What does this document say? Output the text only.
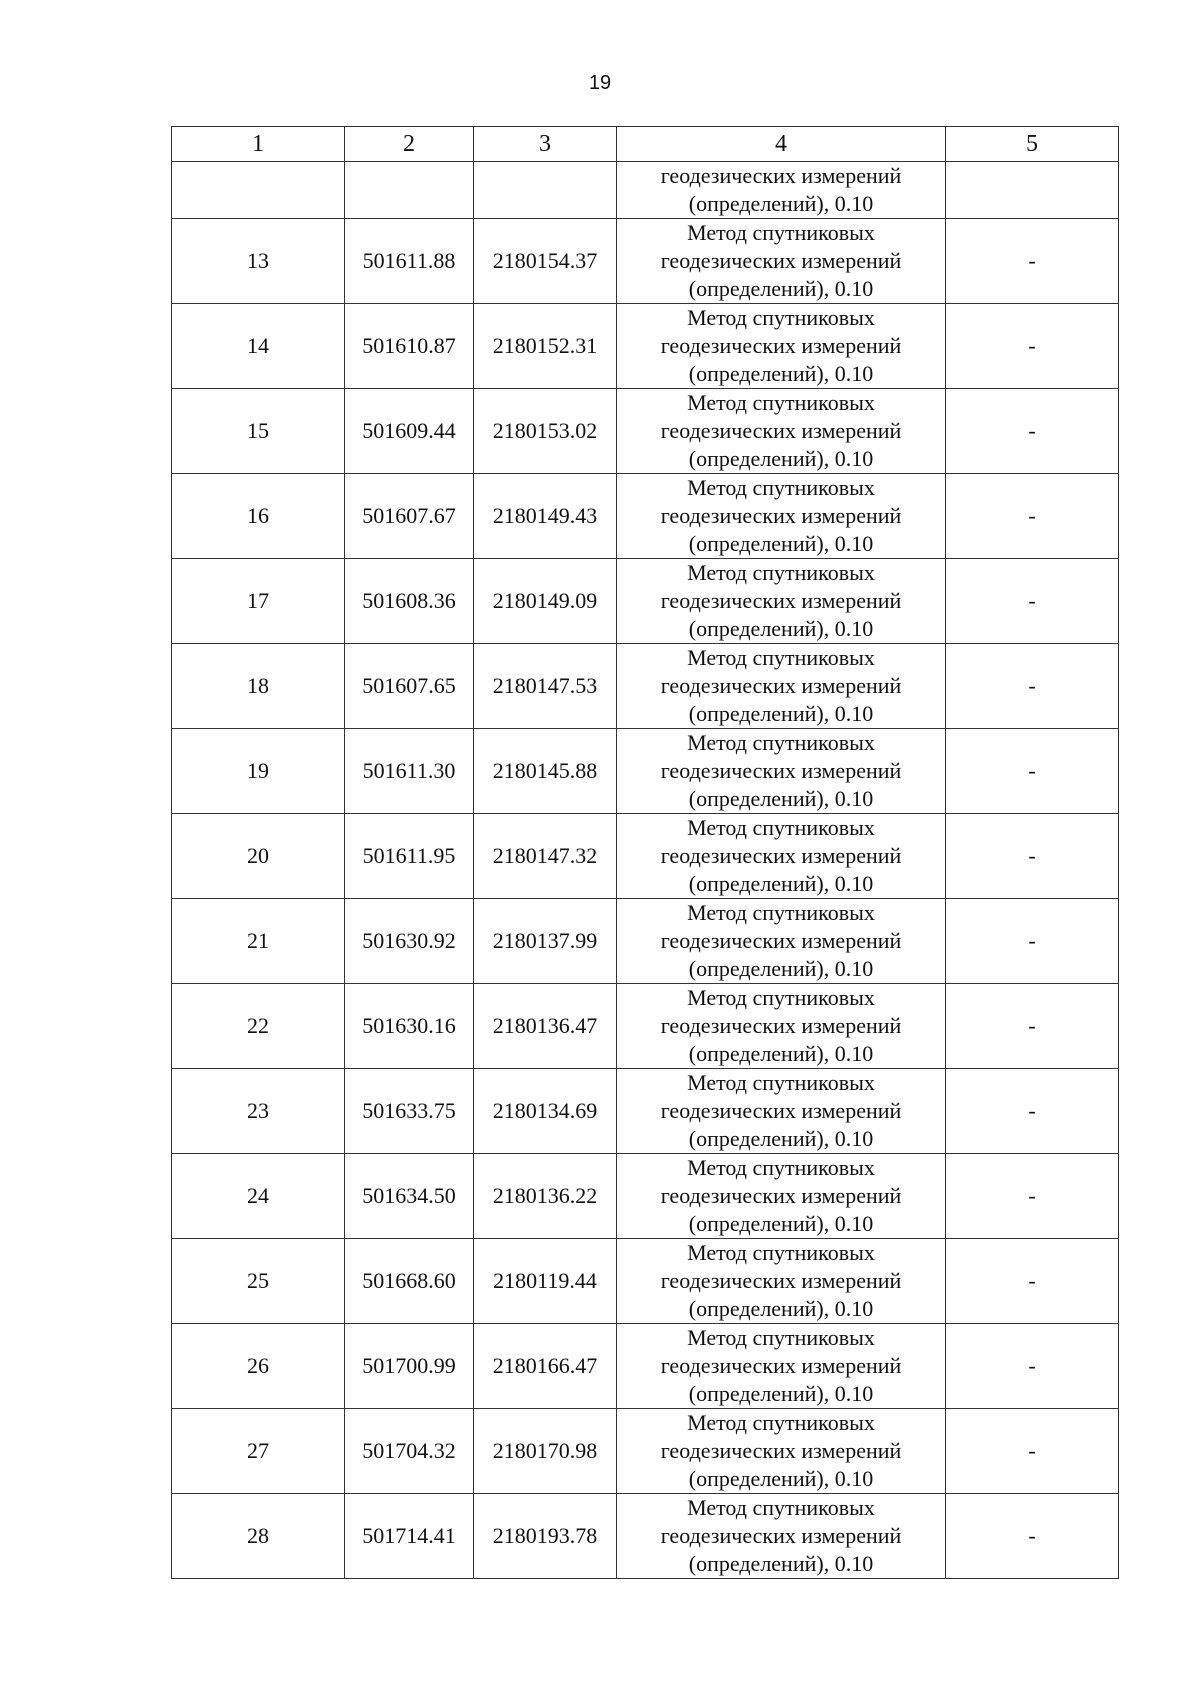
19
1	2	3	4	5

			геодезических измерений
(определений), 0.10	

13	501611.88	2180154.37	Метод спутниковых
геодезических измерений
(определений), 0.10	-
14	501610.87	2180152.31	Метод спутниковых
геодезических измерений
(определений), 0.10	-
15	501609.44	2180153.02	Метод спутниковых
геодезических измерений
(определений), 0.10	-
16	501607.67	2180149.43	Метод спутниковых
геодезических измерений
(определений), 0.10	-
17	501608.36	2180149.09	Метод спутниковых
геодезических измерений
(определений), 0.10	-
18	501607.65	2180147.53	Метод спутниковых
геодезических измерений
(определений), 0.10	-
19	501611.30	2180145.88	Метод спутниковых
геодезических измерений
(определений), 0.10	-
20	501611.95	2180147.32	Метод спутниковых
геодезических измерений
(определений), 0.10	-
21	501630.92	2180137.99	Метод спутниковых
геодезических измерений
(определений), 0.10	-
22	501630.16	2180136.47	Метод спутниковых
геодезических измерений
(определений), 0.10	-
23	501633.75	2180134.69	Метод спутниковых
геодезических измерений
(определений), 0.10	-
24	501634.50	2180136.22	Метод спутниковых
геодезических измерений
(определений), 0.10	-
25	501668.60	2180119.44	Метод спутниковых
геодезических измерений
(определений), 0.10	-
26	501700.99	2180166.47	Метод спутниковых
геодезических измерений
(определений), 0.10	-
27	501704.32	2180170.98	Метод спутниковых
геодезических измерений
(определений), 0.10	-
28	501714.41	2180193.78	Метод спутниковых
геодезических измерений
(определений), 0.10	-
